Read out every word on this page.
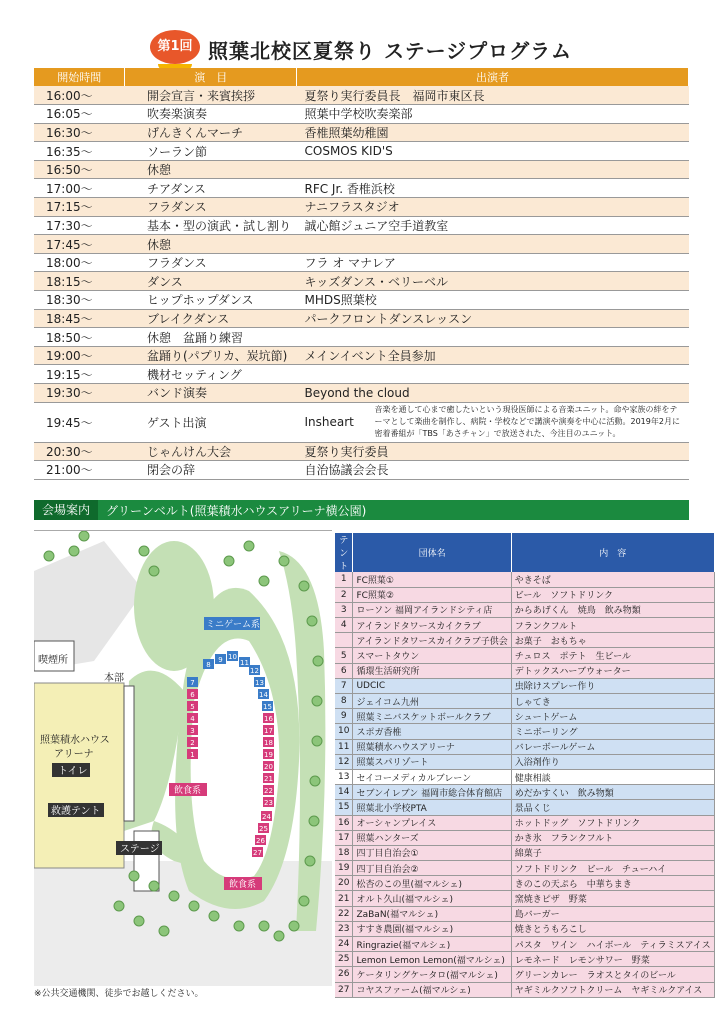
第1回 照葉北校区夏祭り ステージプログラム
開始時間	演　目	出演者
16:00～	開会宣言・来賓挨拶	夏祭り実行委員長　福岡市東区長
16:05～	吹奏楽演奏	照葉中学校吹奏楽部
16:30～	げんきくんマーチ	香椎照葉幼稚園
16:35～	ソーラン節	COSMOS KID'S
16:50～	休憩	
17:00～	チアダンス	RFC Jr. 香椎浜校
17:15～	フラダンス	ナニフラスタジオ
17:30～	基本・型の演武・試し割り	誠心館ジュニア空手道教室
17:45～	休憩	
18:00～	フラダンス	フラ オ マナレア
18:15～	ダンス	キッズダンス・ベリーベル
18:30～	ヒップホップダンス	MHDS照葉校
18:45～	ブレイクダンス	パークフロントダンスレッスン
18:50～	休憩　盆踊り練習	
19:00～	盆踊り(パプリカ、炭坑節)	メインイベント全員参加
19:15～	機材セッティング	
19:30～	バンド演奏	Beyond the cloud
19:45～	ゲスト出演	Insheart
音楽を通して心まで癒したいという現役医師による音楽ユニット。命や家族の絆をテーマとして楽曲を制作し、病院・学校などで講演や演奏を中心に活動。2019年2月に密着番組が「TBS「あさチャン」で放送された、今注目のユニット。

20:30～	じゃんけん大会	夏祭り実行委員
21:00～	閉会の辞	自治協議会会長
会場案内	グリーンベルト(照葉積水ハウスアリーナ横公園)
1
2
3
4
5
6
7
8
9 10
11
12
13
14
15
16
17
18
19
20
21
22
23
24
25
26
27
喫煙所
本部
照葉積水ハウス
アリーナ
トイレ
救護テント
ステージ
ミニゲーム系
飲食系
飲食系
※公共交通機関、徒歩でお越しください。
テント	団体名	内　容
1	FC照葉①	やきそば
2	FC照葉②	ビール　ソフトドリンク
3	ローソン 福岡アイランドシティ店	からあげくん　焼鳥　飲み物類
4	アイランドタワースカイクラブ	フランクフルト
	アイランドタワースカイクラブ子供会	お菓子　おもちゃ
5	スマートタウン	チュロス　ポテト　生ビール
6	循環生活研究所	デトックスハーブウォーター
7	UDCIC	虫除けスプレー作り
8	ジェイコム九州	しゃてき
9	照葉ミニバスケットボールクラブ	シュートゲーム
10	スポガ香椎	ミニボーリング
11	照葉積水ハウスアリーナ	バレーボールゲーム
12	照葉スパリゾート	入浴剤作り
13	セイコーメディカルブレーン	健康相談
14	セブンイレブン 福岡市総合体育館店	めだかすくい　飲み物類
15	照葉北小学校PTA	景品くじ
16	オーシャンプレイス	ホットドッグ　ソフトドリンク
17	照葉ハンターズ	かき氷　フランクフルト
18	四丁目自治会①	綿菓子
19	四丁目自治会②	ソフトドリンク　ビール　チューハイ
20	松杏のこの里(福マルシェ)	きのこの天ぷら　中華ちまき
21	オルト久山(福マルシェ)	窯焼きピザ　野菜
22	ZaBaN(福マルシェ)	島バーガー
23	すすき農園(福マルシェ)	焼きとうもろこし
24	Ringrazie(福マルシェ)	パスタ　ワイン　ハイボール　ティラミスアイス
25	Lemon Lemon Lemon(福マルシェ)	レモネード　レモンサワー　野菜
26	ケータリングケータロ(福マルシェ)	グリーンカレー　ラオスとタイのビール
27	コヤスファーム(福マルシェ)	ヤギミルクソフトクリーム　ヤギミルクアイス
